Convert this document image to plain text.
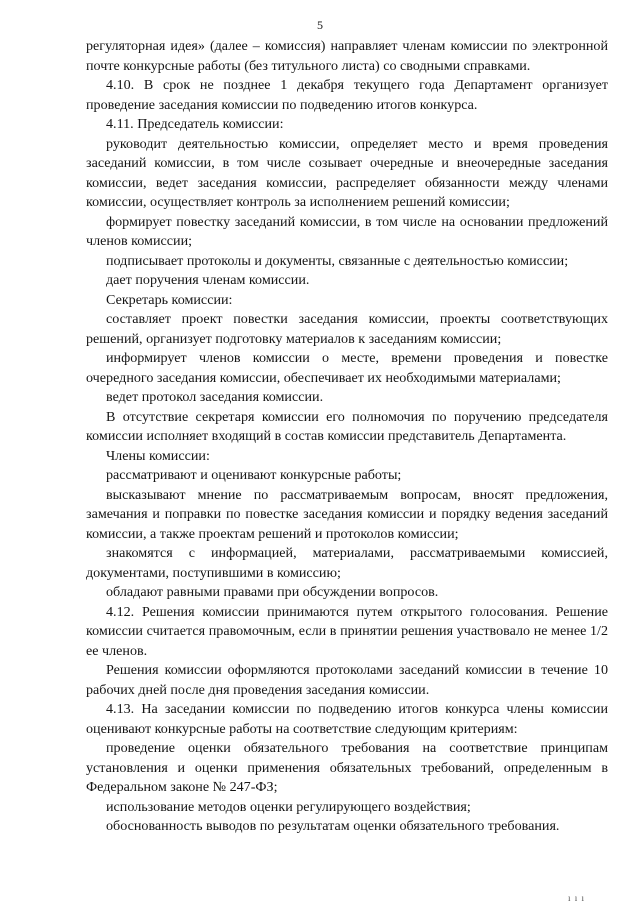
5

регуляторная идея» (далее – комиссия) направляет членам комиссии по электронной почте конкурсные работы (без титульного листа) со сводными справками.

4.10. В срок не позднее 1 декабря текущего года Департамент организует проведение заседания комиссии по подведению итогов конкурса.

4.11. Председатель комиссии:

руководит деятельностью комиссии, определяет место и время проведения заседаний комиссии, в том числе созывает очередные и внеочередные заседания комиссии, ведет заседания комиссии, распределяет обязанности между членами комиссии, осуществляет контроль за исполнением решений комиссии;

формирует повестку заседаний комиссии, в том числе на основании предложений членов комиссии;

подписывает протоколы и документы, связанные с деятельностью комиссии;

дает поручения членам комиссии.

Секретарь комиссии:

составляет проект повестки заседания комиссии, проекты соответствующих решений, организует подготовку материалов к заседаниям комиссии;

информирует членов комиссии о месте, времени проведения и повестке очередного заседания комиссии, обеспечивает их необходимыми материалами;

ведет протокол заседания комиссии.

В отсутствие секретаря комиссии его полномочия по поручению председателя комиссии исполняет входящий в состав комиссии представитель Департамента.

Члены комиссии:

рассматривают и оценивают конкурсные работы;

высказывают мнение по рассматриваемым вопросам, вносят предложения, замечания и поправки по повестке заседания комиссии и порядку ведения заседаний комиссии, а также проектам решений и протоколов комиссии;

знакомятся с информацией, материалами, рассматриваемыми комиссией, документами, поступившими в комиссию;

обладают равными правами при обсуждении вопросов.

4.12. Решения комиссии принимаются путем открытого голосования. Решение комиссии считается правомочным, если в принятии решения участвовало не менее 1/2 ее членов.

Решения комиссии оформляются протоколами заседаний комиссии в течение 10 рабочих дней после дня проведения заседания комиссии.

4.13. На заседании комиссии по подведению итогов конкурса члены комиссии оценивают конкурсные работы на соответствие следующим критериям:

проведение оценки обязательного требования на соответствие принципам установления и оценки применения обязательных требований, определенным в Федеральном законе № 247-ФЗ;

использование методов оценки регулирующего воздействия;

обоснованность выводов по результатам оценки обязательного требования.

ı ı ı
